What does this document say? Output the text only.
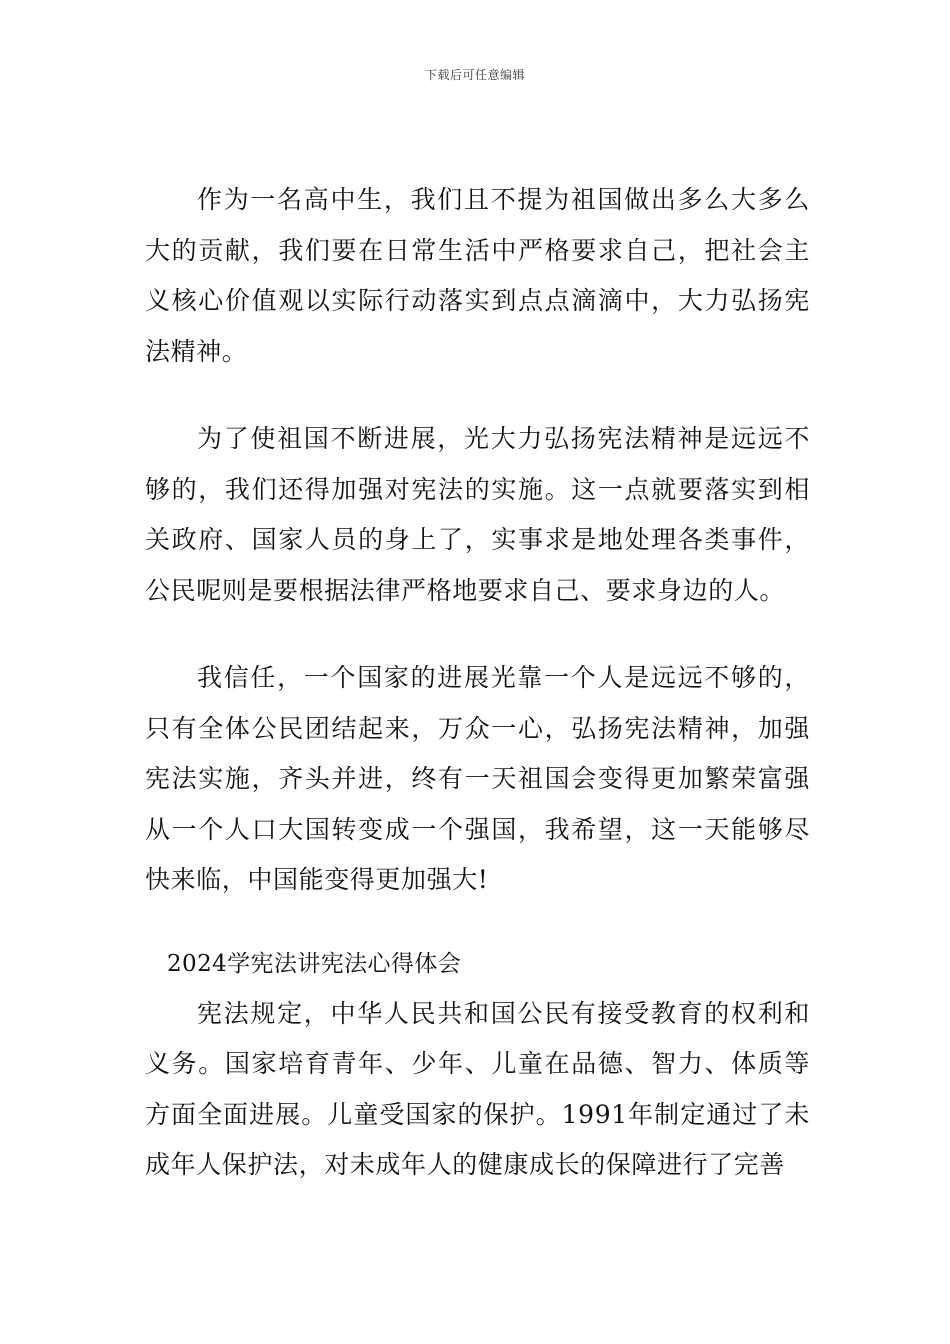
下载后可任意编辑

作为一名高中生，我们且不提为祖国做出多么大多么大的贡献，我们要在日常生活中严格要求自己，把社会主义核心价值观以实际行动落实到点点滴滴中，大力弘扬宪法精神。

为了使祖国不断进展，光大力弘扬宪法精神是远远不够的，我们还得加强对宪法的实施。这一点就要落实到相关政府、国家人员的身上了，实事求是地处理各类事件，公民呢则是要根据法律严格地要求自己、要求身边的人。

我信任，一个国家的进展光靠一个人是远远不够的，只有全体公民团结起来，万众一心，弘扬宪法精神，加强宪法实施，齐头并进，终有一天祖国会变得更加繁荣富强从一个人口大国转变成一个强国，我希望，这一天能够尽快来临，中国能变得更加强大!

2024学宪法讲宪法心得体会

宪法规定，中华人民共和国公民有接受教育的权利和义务。国家培育青年、少年、儿童在品德、智力、体质等方面全面进展。儿童受国家的保护。1991年制定通过了未成年人保护法，对未成年人的健康成长的保障进行了完善
